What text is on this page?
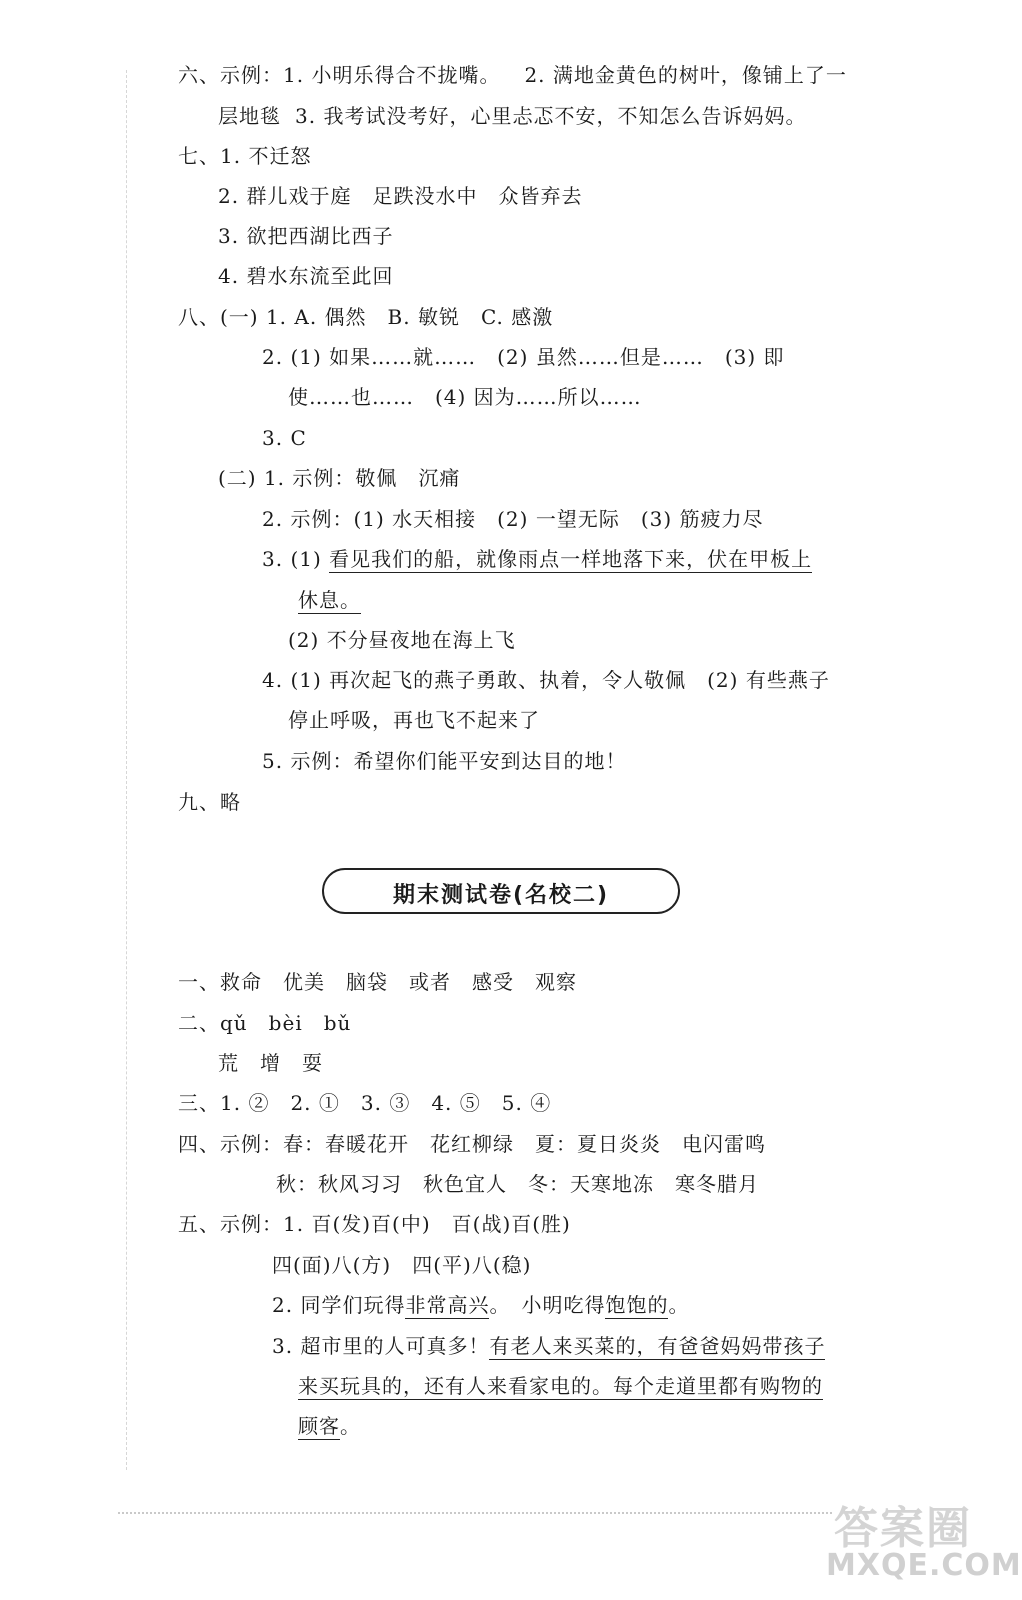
六、示例：1. 小明乐得合不拢嘴。 2. 满地金黄色的树叶，像铺上了一
层地毯 3. 我考试没考好，心里忐忑不安，不知怎么告诉妈妈。
七、1. 不迁怒
2. 群儿戏于庭　足跌没水中　众皆弃去
3. 欲把西湖比西子
4. 碧水东流至此回
八、(一) 1. A. 偶然　B. 敏锐　C. 感激
2. (1) 如果……就……　(2) 虽然……但是……　(3) 即
使……也……　(4) 因为……所以……
3. C
(二) 1. 示例：敬佩　沉痛
2. 示例：(1) 水天相接　(2) 一望无际　(3) 筋疲力尽
3. (1) 看见我们的船，就像雨点一样地落下来，伏在甲板上
休息。
(2) 不分昼夜地在海上飞
4. (1) 再次起飞的燕子勇敢、执着，令人敬佩　(2) 有些燕子
停止呼吸，再也飞不起来了
5. 示例：希望你们能平安到达目的地！
九、略
期末测试卷(名校二)
一、救命　优美　脑袋　或者　感受　观察
二、qǔ　bèi　bǔ
荒　增　耍
三、1. ②　2. ①　3. ③　4. ⑤　5. ④
四、示例：春：春暖花开　花红柳绿　夏：夏日炎炎　电闪雷鸣
秋：秋风习习　秋色宜人　冬：天寒地冻　寒冬腊月
五、示例：1. 百(发)百(中)　百(战)百(胜)
四(面)八(方)　四(平)八(稳)
2. 同学们玩得非常高兴。　小明吃得饱饱的。
3. 超市里的人可真多！有老人来买菜的，有爸爸妈妈带孩子
来买玩具的，还有人来看家电的。每个走道里都有购物的
顾客。
答案圈
MXQE.COM
